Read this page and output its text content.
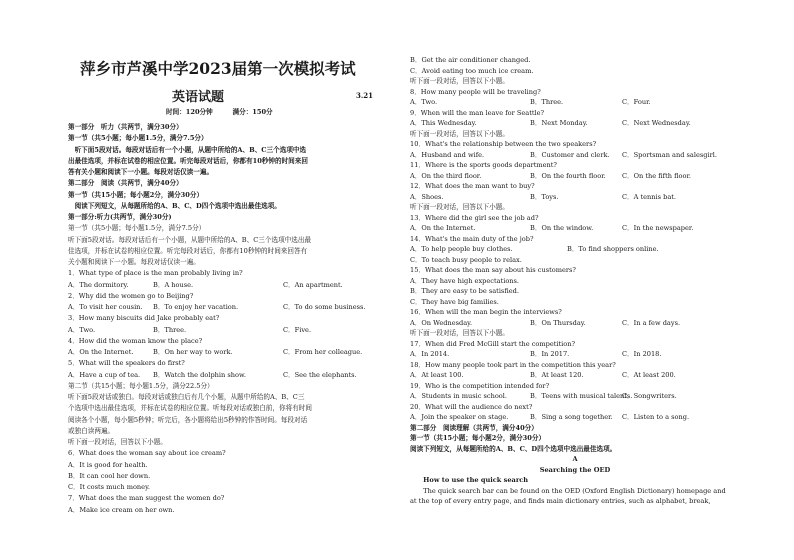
萍乡市芦溪中学2023届第一次模拟考试
英语试题	3.21
时间：120分钟　　　满分：150分
第一部分　听力（共两节，满分30分）
第一节（共5小题；每小题1.5分，满分7.5分）
　听下面5段对话。每段对话后有一个小题，从题中所给的A、B、C三个选项中选
出最佳选项，并标在试卷的相应位置。听完每段对话后，你都有10秒钟的时间来回
答有关小题和阅读下一小题。每段对话仅读一遍。
第二部分　阅读（共两节，满分40分）
第一节（共15小题；每小题2分，满分30分）
　阅读下列短文，从每题所给的A、B、C、D四个选项中选出最佳选项。
第一部分:听力(共两节，满分30分)
第一节（共5小题；每小题1.5分，满分7.5分）
听下面5段对话。每段对话后有一个小题，从题中所给的A、B、C三个选项中选出最
佳选项，并标在试卷的相应位置。听完每段对话后，你都有10秒钟的时间来回答有
关小题和阅读下一小题。每段对话仅读一遍。
1．What type of place is the man probably living in?
A．The dormitory.	B．A house.	C．An apartment.
2．Why did the women go to Beijing?
A．To visit her cousin. B．To enjoy her vacation.	C．To do some business.
3．How many biscuits did Jake probably eat?
A．Two.	B．Three.	C．Five.
4．How did the woman know the place?
A．On the Internet.	B．On her way to work.	C．From her colleague.
5．What will the speakers do first?
A．Have a cup of tea. B．Watch the dolphin show.	C．See the elephants.
第二节（共15小题；每小题1.5分，满分22.5分）
听下面5段对话或独白。每段对话或独白后有几个小题，从题中所给的A、B、C三
个选项中选出最佳选项，并标在试卷的相应位置。听每段对话或独白前，你将有时间
阅读各个小题，每小题5秒钟；听完后，各小题将给出5秒钟的作答时间。每段对话
或独白读两遍。
听下面一段对话，回答以下小题。
6．What does the woman say about ice cream?
A．It is good for health.
B．It can cool her down.
C．It costs much money.
7．What does the man suggest the women do?
A．Make ice cream on her own.
B．Get the air conditioner changed.
C．Avoid eating too much ice cream.
听下面一段对话，回答以下小题。
8．How many people will be traveling?
A．Two.	B．Three.	C．Four.
9．When will the man leave for Seattle?
A．This Wednesday.	B．Next Monday.	C．Next Wednesday.
听下面一段对话，回答以下小题。
10．What's the relationship between the two speakers?
A．Husband and wife.	B．Customer and clerk. C．Sportsman and salesgirl.
11．Where is the sports goods department?
A．On the third floor.	B．On the fourth floor. C．On the fifth floor.
12．What does the man want to buy?
A．Shoes.	B．Toys.	C．A tennis bat.
听下面一段对话，回答以下小题。
13．Where did the girl see the job ad?
A．On the Internet.	B．On the window.	C．In the newspaper.
14．What's the main duty of the job?
A．To help people buy clothes.	B．To find shoppers online.
C．To teach busy people to relax.
15．What does the man say about his customers?
A．They have high expectations.
B．They are easy to be satisfied.
C．They have big families.
16．When will the man begin the interviews?
A．On Wednesday.	B．On Thursday.	C．In a few days.
听下面一段对话，回答以下小题。
17．When did Fred McGill start the competition?
A．In 2014.	B．In 2017.	C．In 2018.
18．How many people took part in the competition this year?
A．At least 100.	B．At least 120.	C．At least 200.
19．Who is the competition intended for?
A．Students in music school.	B．Teens with musical talents.
C．Songwriters.
20．What will the audience do next?
A．Join the speaker on stage.	B．Sing a song together. C．Listen to a song.
第二部分　阅读理解（共两节，满分40分）
第一节（共15小题；每小题2分，满分30分）
阅读下列短文，从每题所给的A、B、C、D四个选项中选出最佳选项。
A
Searching the OED
　　How to use the quick search
　　The quick search bar can be found on the OED (Oxford English Dictionary) homepage and
at the top of every entry page, and finds main dictionary entries, such as alphabet, break,
